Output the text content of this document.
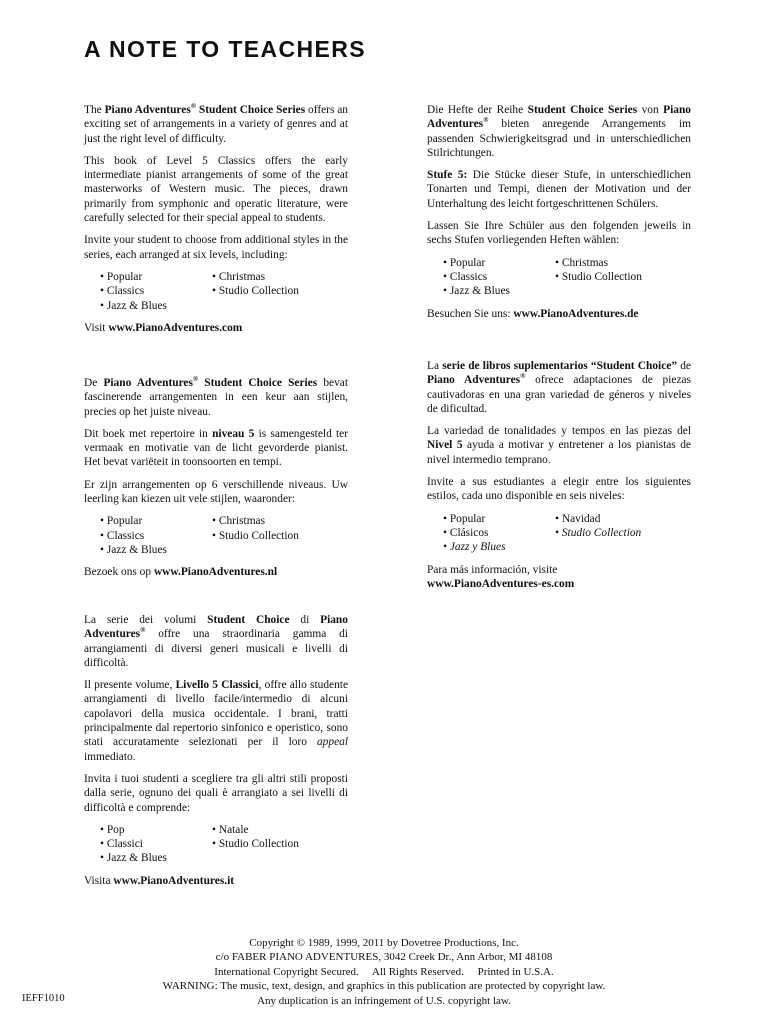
A NOTE TO TEACHERS

The Piano Adventures® Student Choice Series offers an exciting set of arrangements in a variety of genres and at just the right level of difficulty.

This book of Level 5 Classics offers the early intermediate pianist arrangements of some of the great masterworks of Western music. The pieces, drawn primarily from symphonic and operatic literature, were carefully selected for their special appeal to students.

Invite your student to choose from additional styles in the series, each arranged at six levels, including:

• Popular
• Classics
• Jazz & Blues
• Christmas
• Studio Collection

Visit www.PianoAdventures.com

De Piano Adventures® Student Choice Series bevat fascinerende arrangementen in een keur aan stijlen, precies op het juiste niveau.

Dit boek met repertoire in niveau 5 is samengesteld ter vermaak en motivatie van de licht gevorderde pianist. Het bevat variëteit in toonsoorten en tempi.

Er zijn arrangementen op 6 verschillende niveaus. Uw leerling kan kiezen uit vele stijlen, waaronder:

• Popular
• Classics
• Jazz & Blues
• Christmas
• Studio Collection

Bezoek ons op www.PianoAdventures.nl

La serie dei volumi Student Choice di Piano Adventures® offre una straordinaria gamma di arrangiamenti di diversi generi musicali e livelli di difficoltà.

Il presente volume, Livello 5 Classici, offre allo studente arrangiamenti di livello facile/intermedio di alcuni capolavori della musica occidentale. I brani, tratti principalmente dal repertorio sinfonico e operistico, sono stati accuratamente selezionati per il loro appeal immediato.

Invita i tuoi studenti a scegliere tra gli altri stili proposti dalla serie, ognuno dei quali è arrangiato a sei livelli di difficoltà e comprende:

• Pop
• Classici
• Jazz & Blues
• Natale
• Studio Collection

Visita www.PianoAdventures.it

Die Hefte der Reihe Student Choice Series von Piano Adventures® bieten anregende Arrangements im passenden Schwierigkeitsgrad und in unterschiedlichen Stilrichtungen.

Stufe 5: Die Stücke dieser Stufe, in unterschiedlichen Tonarten und Tempi, dienen der Motivation und der Unterhaltung des leicht fortgeschrittenen Schülers.

Lassen Sie Ihre Schüler aus den folgenden jeweils in sechs Stufen vorliegenden Heften wählen:

• Popular
• Classics
• Jazz & Blues
• Christmas
• Studio Collection

Besuchen Sie uns: www.PianoAdventures.de

La serie de libros suplementarios “Student Choice” de Piano Adventures® ofrece adaptaciones de piezas cautivadoras en una gran variedad de géneros y niveles de dificultad.

La variedad de tonalidades y tempos en las piezas del Nivel 5 ayuda a motivar y entretener a los pianistas de nivel intermedio temprano.

Invite a sus estudiantes a elegir entre los siguientes estilos, cada uno disponible en seis niveles:

• Popular
• Clásicos
• Jazz y Blues
• Navidad
• Studio Collection

Para más información, visite
www.PianoAdventures-es.com

Copyright © 1989, 1999, 2011 by Dovetree Productions, Inc.
c/o FABER PIANO ADVENTURES, 3042 Creek Dr., Ann Arbor, MI 48108
International Copyright Secured.     All Rights Reserved.     Printed in U.S.A.
WARNING: The music, text, design, and graphics in this publication are protected by copyright law.
Any duplication is an infringement of U.S. copyright law.
IEFF1010
